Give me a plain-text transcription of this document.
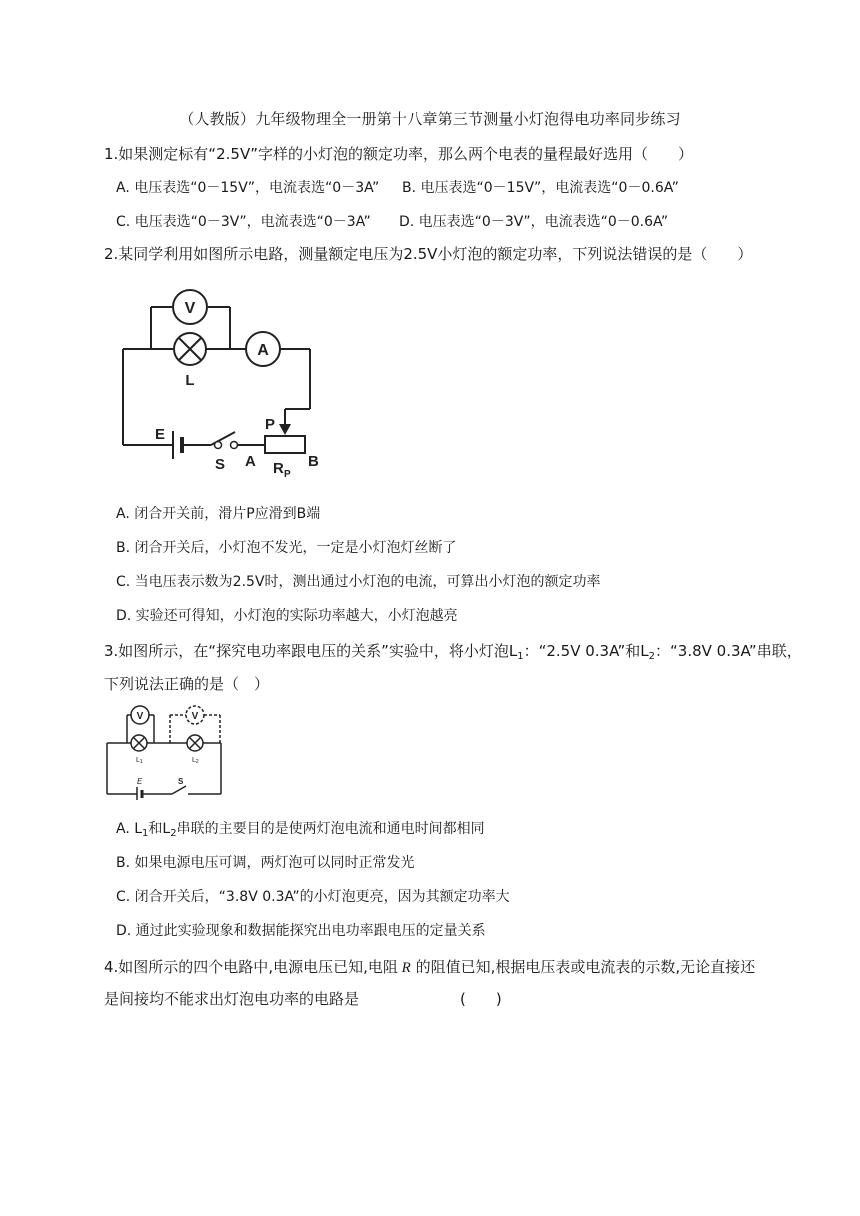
（人教版）九年级物理全一册第十八章第三节测量小灯泡得电功率同步练习
1.如果测定标有“2.5V”字样的小灯泡的额定功率，那么两个电表的量程最好选用（　　）
A. 电压表选“0－15V”，电流表选“0－3A” B. 电压表选“0－15V”，电流表选“0－0.6A”
C. 电压表选“0－3V”，电流表选“0－3A” D. 电压表选“0－3V”，电流表选“0－0.6A”
2.某同学利用如图所示电路，测量额定电压为2.5V小灯泡的额定功率，下列说法错误的是（　　）
V
A
L
E
S
P
A	B
R P
A. 闭合开关前，滑片P应滑到B端
B. 闭合开关后，小灯泡不发光，一定是小灯泡灯丝断了
C. 当电压表示数为2.5V时，测出通过小灯泡的电流，可算出小灯泡的额定功率
D. 实验还可得知，小灯泡的实际功率越大，小灯泡越亮
3.如图所示，在“探究电功率跟电压的关系”实验中，将小灯泡$L_1$：“2.5V 0.3A”和$L_2$：“3.8V 0.3A”串联，
下列说法正确的是（　）
V	V
L1	L2
E	S
A. $L_1$和$L_2$串联的主要目的是使两灯泡电流和通电时间都相同
B. 如果电源电压可调，两灯泡可以同时正常发光
C. 闭合开关后，“3.8V 0.3A”的小灯泡更亮，因为其额定功率大
D. 通过此实验现象和数据能探究出电功率跟电压的定量关系
4.如图所示的四个电路中,电源电压已知,电阻 R 的阻值已知,根据电压表或电流表的示数,无论直接还
是间接均不能求出灯泡电功率的电路是	(　　)
